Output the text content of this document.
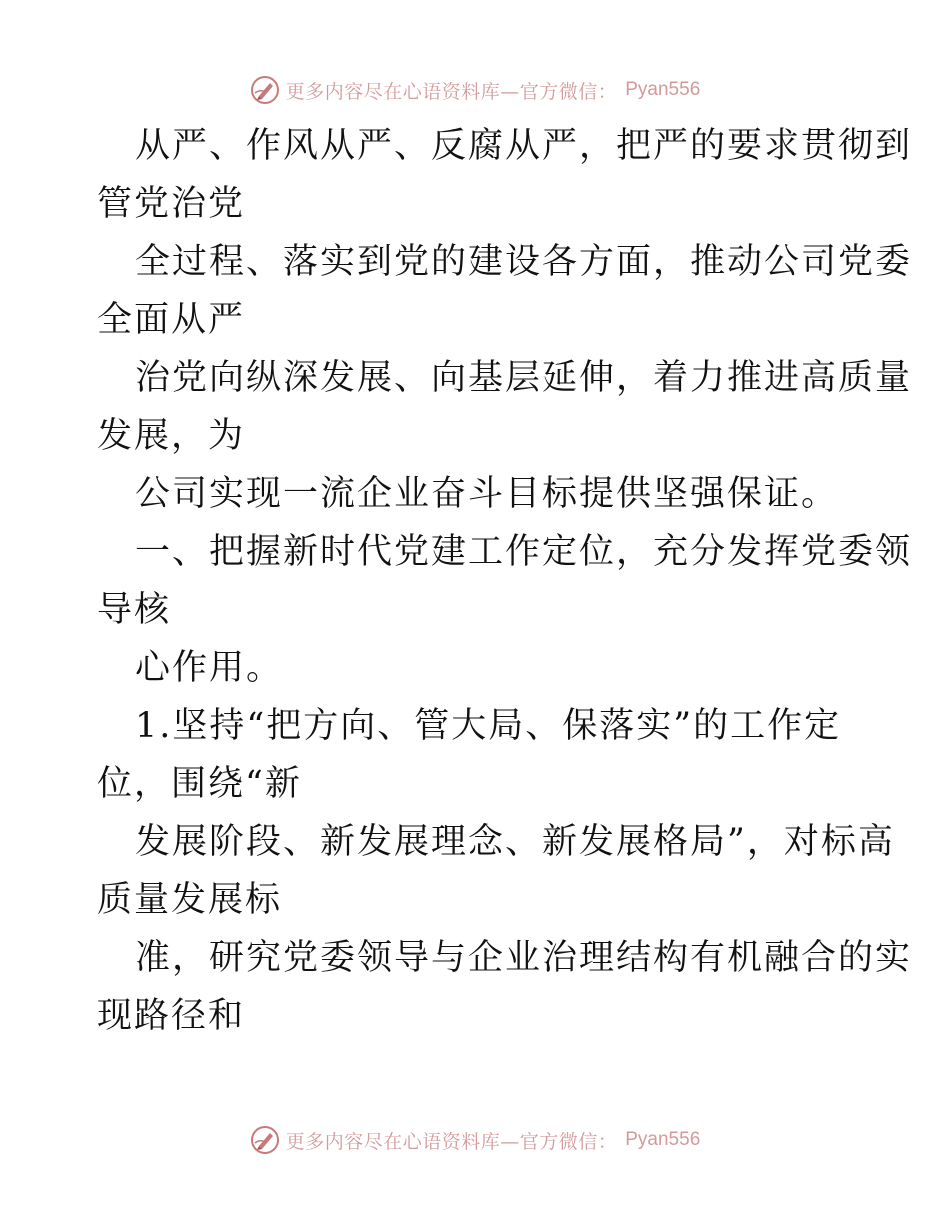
更多内容尽在心语资料库—官方微信： Pyan556
从严、作风从严、反腐从严，把严的要求贯彻到
管党治党
全过程、落实到党的建设各方面，推动公司党委
全面从严
治党向纵深发展、向基层延伸，着力推进高质量
发展，为
公司实现一流企业奋斗目标提供坚强保证。
一、把握新时代党建工作定位，充分发挥党委领
导核
心作用。
1.坚持“把方向、管大局、保落实”的工作定
位，围绕“新
发展阶段、新发展理念、新发展格局”，对标高
质量发展标
准，研究党委领导与企业治理结构有机融合的实
现路径和
更多内容尽在心语资料库—官方微信： Pyan556
